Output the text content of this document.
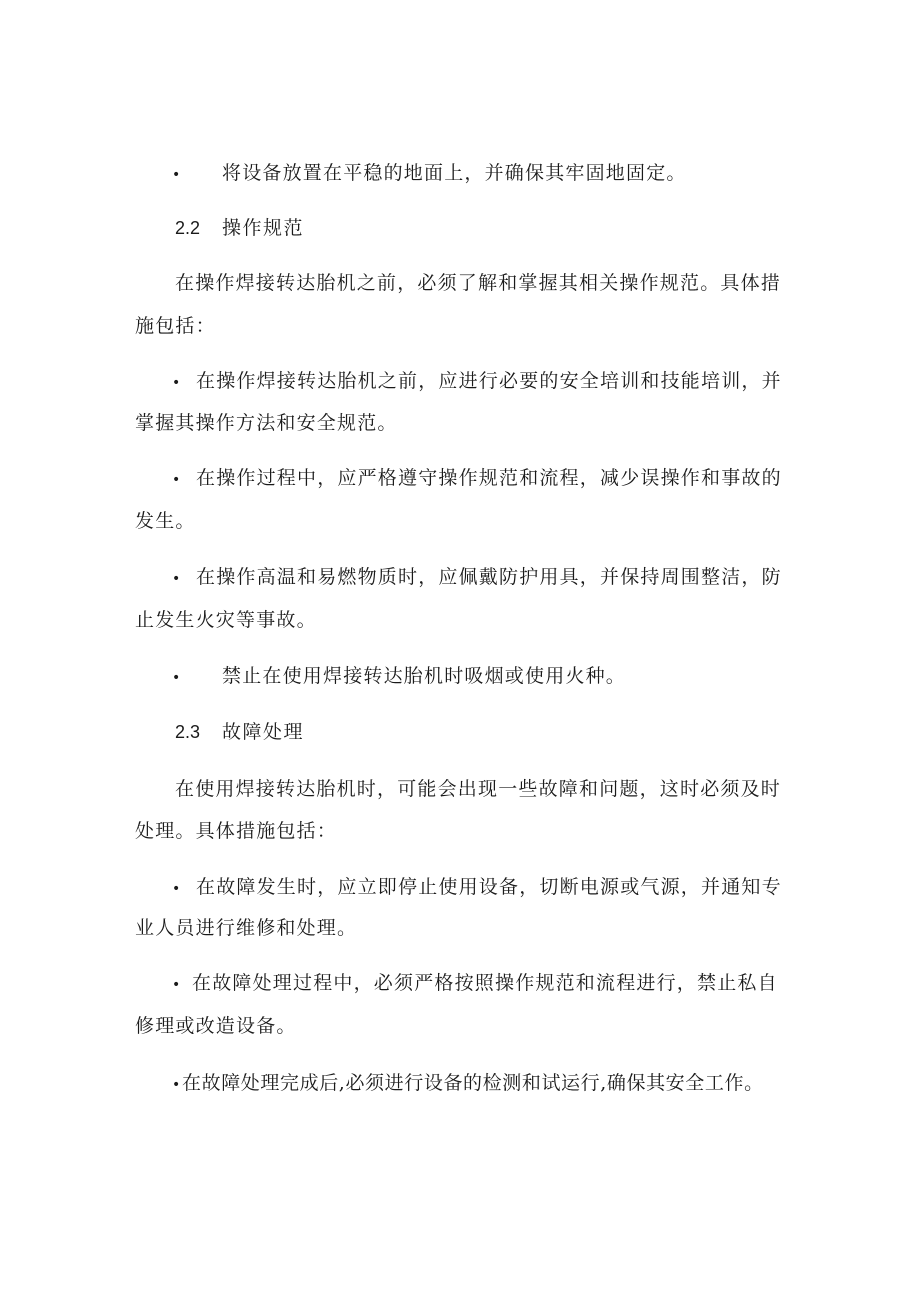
• 将设备放置在平稳的地面上，并确保其牢固地固定。
2.2 操作规范
在操作焊接转达胎机之前，必须了解和掌握其相关操作规范。具体措
施包括：
• 在操作焊接转达胎机之前，应进行必要的安全培训和技能培训，并
掌握其操作方法和安全规范。
• 在操作过程中，应严格遵守操作规范和流程，减少误操作和事故的
发生。
• 在操作高温和易燃物质时，应佩戴防护用具，并保持周围整洁，防
止发生火灾等事故。
• 禁止在使用焊接转达胎机时吸烟或使用火种。
2.3 故障处理
在使用焊接转达胎机时，可能会出现一些故障和问题，这时必须及时
处理。具体措施包括：
• 在故障发生时，应立即停止使用设备，切断电源或气源，并通知专
业人员进行维修和处理。
• 在故障处理过程中，必须严格按照操作规范和流程进行，禁止私自
修理或改造设备。
• 在故障处理完成后,必须进行设备的检测和试运行,确保其安全工作。
